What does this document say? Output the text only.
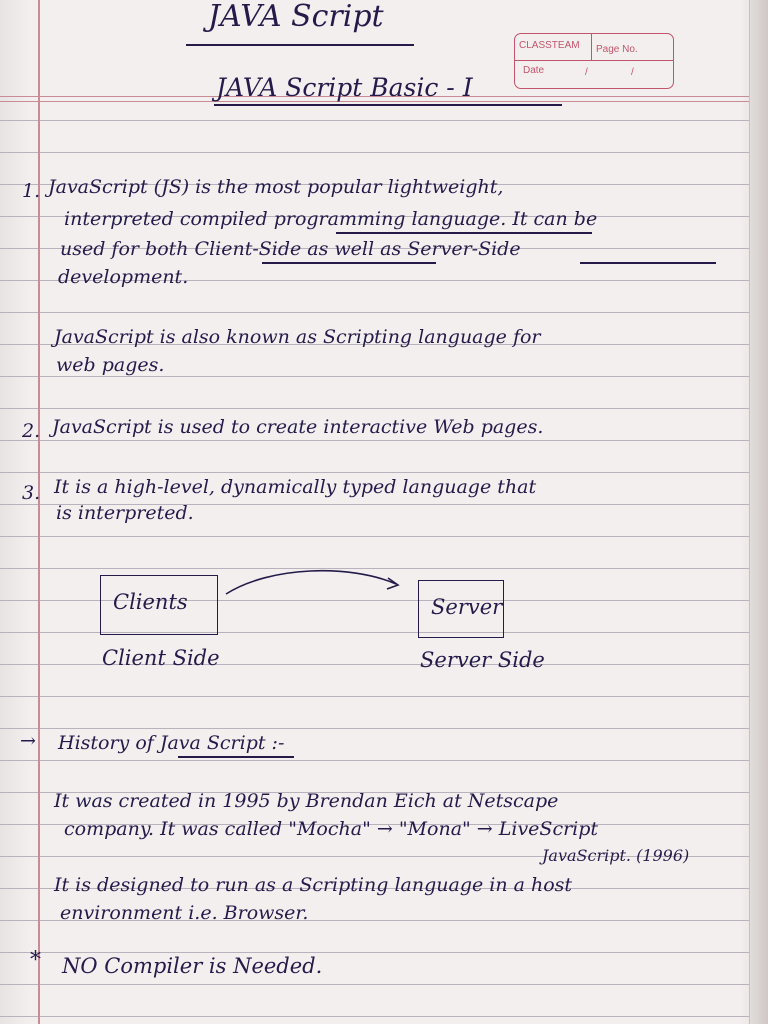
JAVA Script
CLASSTEAM Page No.
Date	/	/
JAVA Script Basic - I
1. JavaScript (JS) is the most popular lightweight,
interpreted compiled programming language. It can be
used for both Client-Side as well as Server-Side
development.
JavaScript is also known as Scripting language for
web pages.
2. JavaScript is used to create interactive Web pages.
3. It is a high-level, dynamically typed language that
is interpreted.
Clients	Server
Client Side	Server Side
→ History of Java Script :-
It was created in 1995 by Brendan Eich at Netscape
company. It was called "Mocha" → "Mona" → LiveScript
JavaScript. (1996)
It is designed to run as a Scripting language in a host
environment i.e. Browser.
* NO Compiler is Needed.
